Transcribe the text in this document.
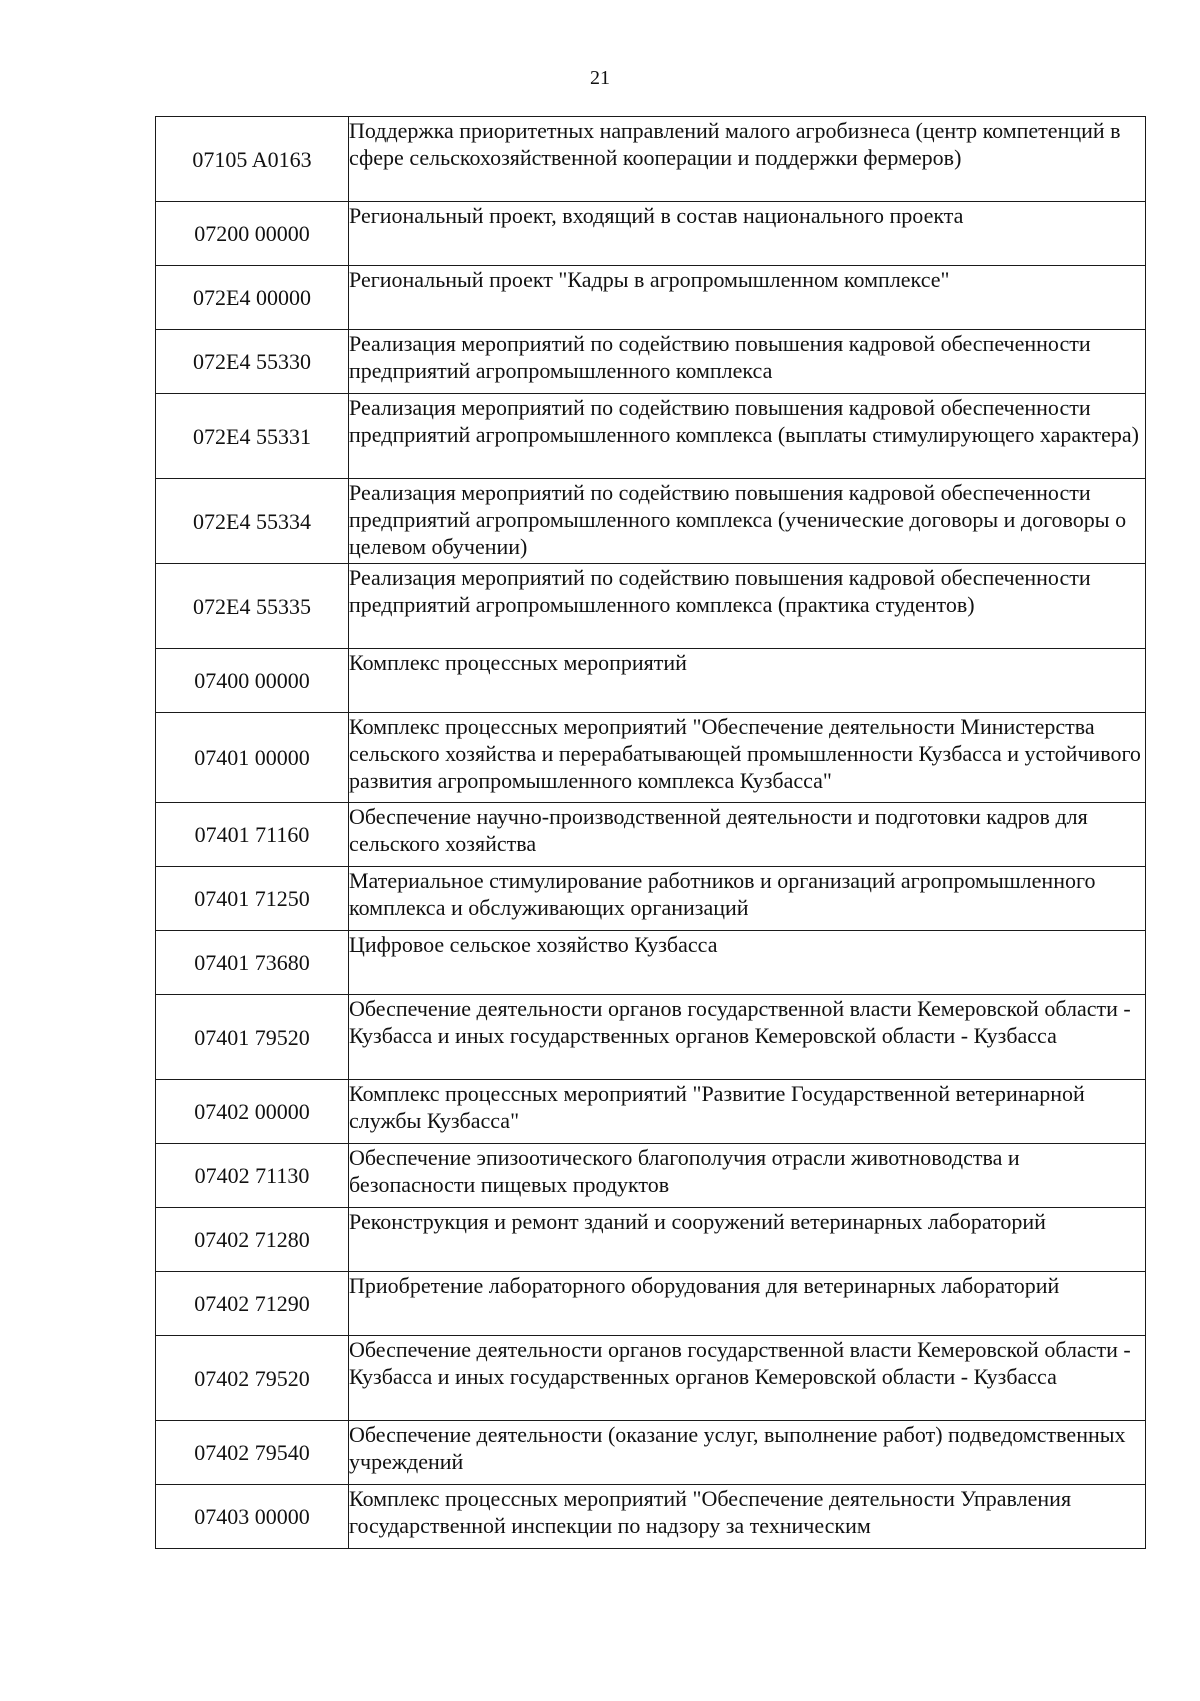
21
07105 A0163	Поддержка приоритетных направлений малого агробизнеса (центр компетенций в сфере сельскохозяйственной кооперации и поддержки фермеров)
07200 00000	Региональный проект, входящий в состав национального проекта
072E4 00000	Региональный проект "Кадры в агропромышленном комплексе"
072E4 55330	Реализация мероприятий по содействию повышения кадровой обеспеченности предприятий агропромышленного комплекса
072E4 55331	Реализация мероприятий по содействию повышения кадровой обеспеченности предприятий агропромышленного комплекса (выплаты стимулирующего характера)
072E4 55334	Реализация мероприятий по содействию повышения кадровой обеспеченности предприятий агропромышленного комплекса (ученические договоры и договоры о целевом обучении)
072E4 55335	Реализация мероприятий по содействию повышения кадровой обеспеченности предприятий агропромышленного комплекса (практика студентов)
07400 00000	Комплекс процессных мероприятий
07401 00000	Комплекс процессных мероприятий "Обеспечение деятельности Министерства сельского хозяйства и перерабатывающей промышленности Кузбасса и устойчивого развития агропромышленного комплекса Кузбасса"
07401 71160	Обеспечение научно-производственной деятельности и подготовки кадров для сельского хозяйства
07401 71250	Материальное стимулирование работников и организаций агропромышленного комплекса и обслуживающих организаций
07401 73680	Цифровое сельское хозяйство Кузбасса
07401 79520	Обеспечение деятельности органов государственной власти Кемеровской области - Кузбасса и иных государственных органов Кемеровской области - Кузбасса
07402 00000	Комплекс процессных мероприятий "Развитие Государственной ветеринарной службы Кузбасса"
07402 71130	Обеспечение эпизоотического благополучия отрасли животноводства и безопасности пищевых продуктов
07402 71280	Реконструкция и ремонт зданий и сооружений ветеринарных лабораторий
07402 71290	Приобретение лабораторного оборудования для ветеринарных лабораторий
07402 79520	Обеспечение деятельности органов государственной власти Кемеровской области - Кузбасса и иных государственных органов Кемеровской области - Кузбасса
07402 79540	Обеспечение деятельности (оказание услуг, выполнение работ) подведомственных учреждений
07403 00000	Комплекс процессных мероприятий "Обеспечение деятельности Управления государственной инспекции по надзору за техническим
